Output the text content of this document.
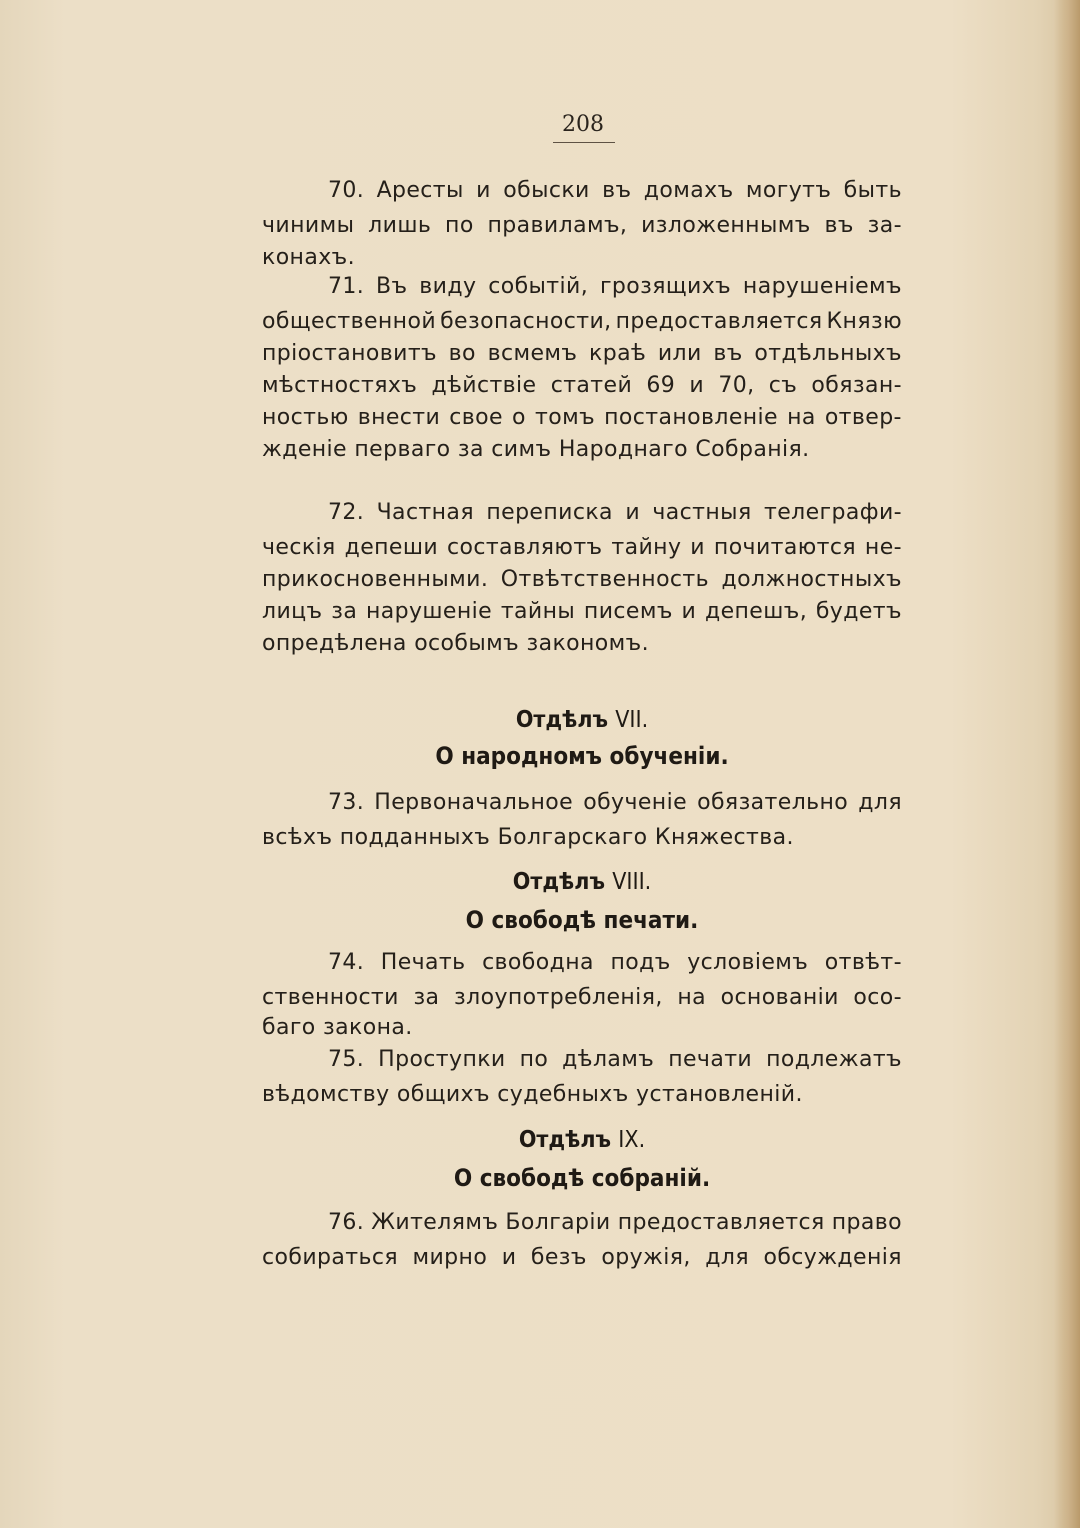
208
70. Аресты и обыски въ домахъ могутъ быть
чинимы лишь по правиламъ, изложеннымъ въ за-
конахъ.
71. Въ виду событій, грозящихъ нарушеніемъ
общественной безопасности, предоставляется Князю
пріостановитъ во всмемъ краѣ или въ отдѣльныхъ
мѣстностяхъ дѣйствіе статей 69 и 70, съ обязан-
ностью внести свое о томъ постановленіе на отвер-
жденіе перваго за симъ Народнаго Собранія.
72. Частная переписка и частныя телеграфи-
ческія депеши составляютъ тайну и почитаются не-
прикосновенными. Отвѣтственность должностныхъ
лицъ за нарушеніе тайны писемъ и депешъ, будетъ
опредѣлена особымъ закономъ.
Отдѣлъ VII.
О народномъ обученіи.
73. Первоначальное обученіе обязательно для
всѣхъ подданныхъ Болгарскаго Княжества.
Отдѣлъ VIII.
О свободѣ печати.
74. Печать свободна подъ условіемъ отвѣт-
ственности за злоупотребленія, на основаніи осо-
баго закона.
75. Проступки по дѣламъ печати подлежатъ
вѣдомству общихъ судебныхъ установленій.
Отдѣлъ IX.
О свободѣ собраній.
76. Жителямъ Болгаріи предоставляется право
собираться мирно и безъ оружія, для обсужденія
